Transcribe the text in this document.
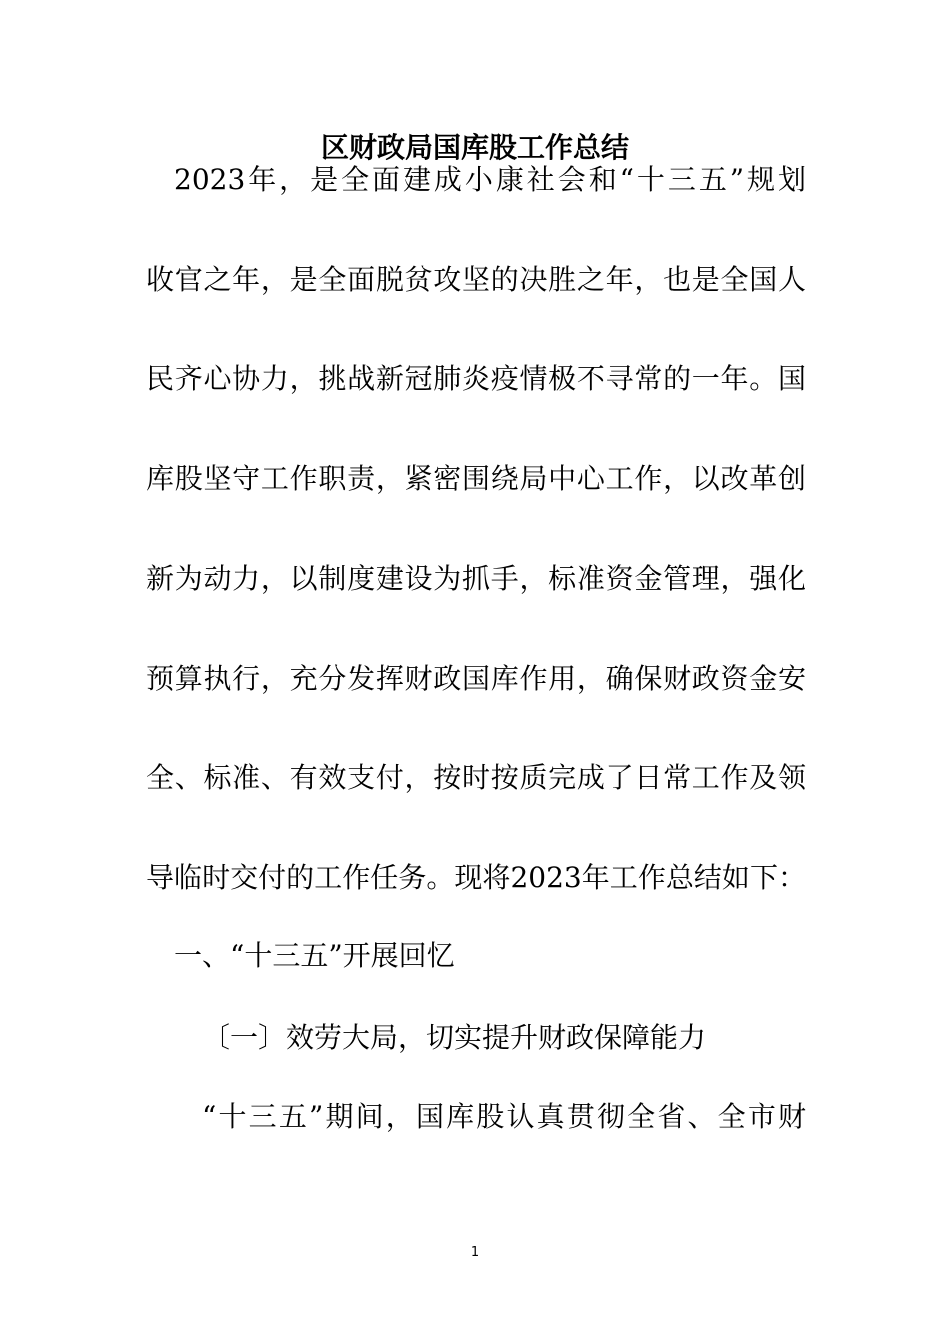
区财政局国库股工作总结
2023年，是全面建成小康社会和“十三五”规划
收官之年，是全面脱贫攻坚的决胜之年，也是全国人
民齐心协力，挑战新冠肺炎疫情极不寻常的一年。国
库股坚守工作职责，紧密围绕局中心工作，以改革创
新为动力，以制度建设为抓手，标准资金管理，强化
预算执行，充分发挥财政国库作用，确保财政资金安
全、标准、有效支付，按时按质完成了日常工作及领
导临时交付的工作任务。现将2023年工作总结如下：
一、“十三五”开展回忆
〔一〕效劳大局，切实提升财政保障能力
“十三五”期间，国库股认真贯彻全省、全市财
1
